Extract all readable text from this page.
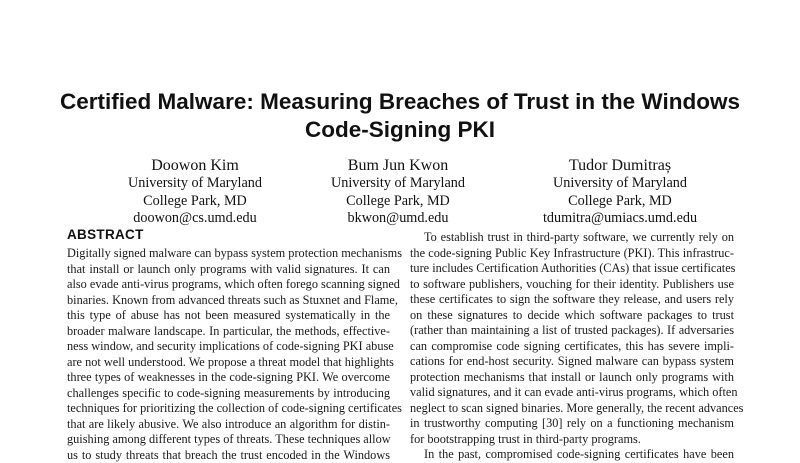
Certified Malware: Measuring Breaches of Trust in the Windows
Code-Signing PKI
Doowon Kim
University of Maryland
College Park, MD
doowon@cs.umd.edu
Bum Jun Kwon
University of Maryland
College Park, MD
bkwon@umd.edu
Tudor Dumitraș
University of Maryland
College Park, MD
tdumitra@umiacs.umd.edu
ABSTRACT
Digitally signed malware can bypass system protection mechanisms
that install or launch only programs with valid signatures. It can
also evade anti-virus programs, which often forego scanning signed
binaries. Known from advanced threats such as Stuxnet and Flame,
this type of abuse has not been measured systematically in the
broader malware landscape. In particular, the methods, effective-
ness window, and security implications of code-signing PKI abuse
are not well understood. We propose a threat model that highlights
three types of weaknesses in the code-signing PKI. We overcome
challenges specific to code-signing measurements by introducing
techniques for prioritizing the collection of code-signing certificates
that are likely abusive. We also introduce an algorithm for distin-
guishing among different types of threats. These techniques allow
us to study threats that breach the trust encoded in the Windows
To establish trust in third-party software, we currently rely on
the code-signing Public Key Infrastructure (PKI). This infrastruc-
ture includes Certification Authorities (CAs) that issue certificates
to software publishers, vouching for their identity. Publishers use
these certificates to sign the software they release, and users rely
on these signatures to decide which software packages to trust
(rather than maintaining a list of trusted packages). If adversaries
can compromise code signing certificates, this has severe impli-
cations for end-host security. Signed malware can bypass system
protection mechanisms that install or launch only programs with
valid signatures, and it can evade anti-virus programs, which often
neglect to scan signed binaries. More generally, the recent advances
in trustworthy computing [30] rely on a functioning mechanism
for bootstrapping trust in third-party programs.
In the past, compromised code-signing certificates have been
